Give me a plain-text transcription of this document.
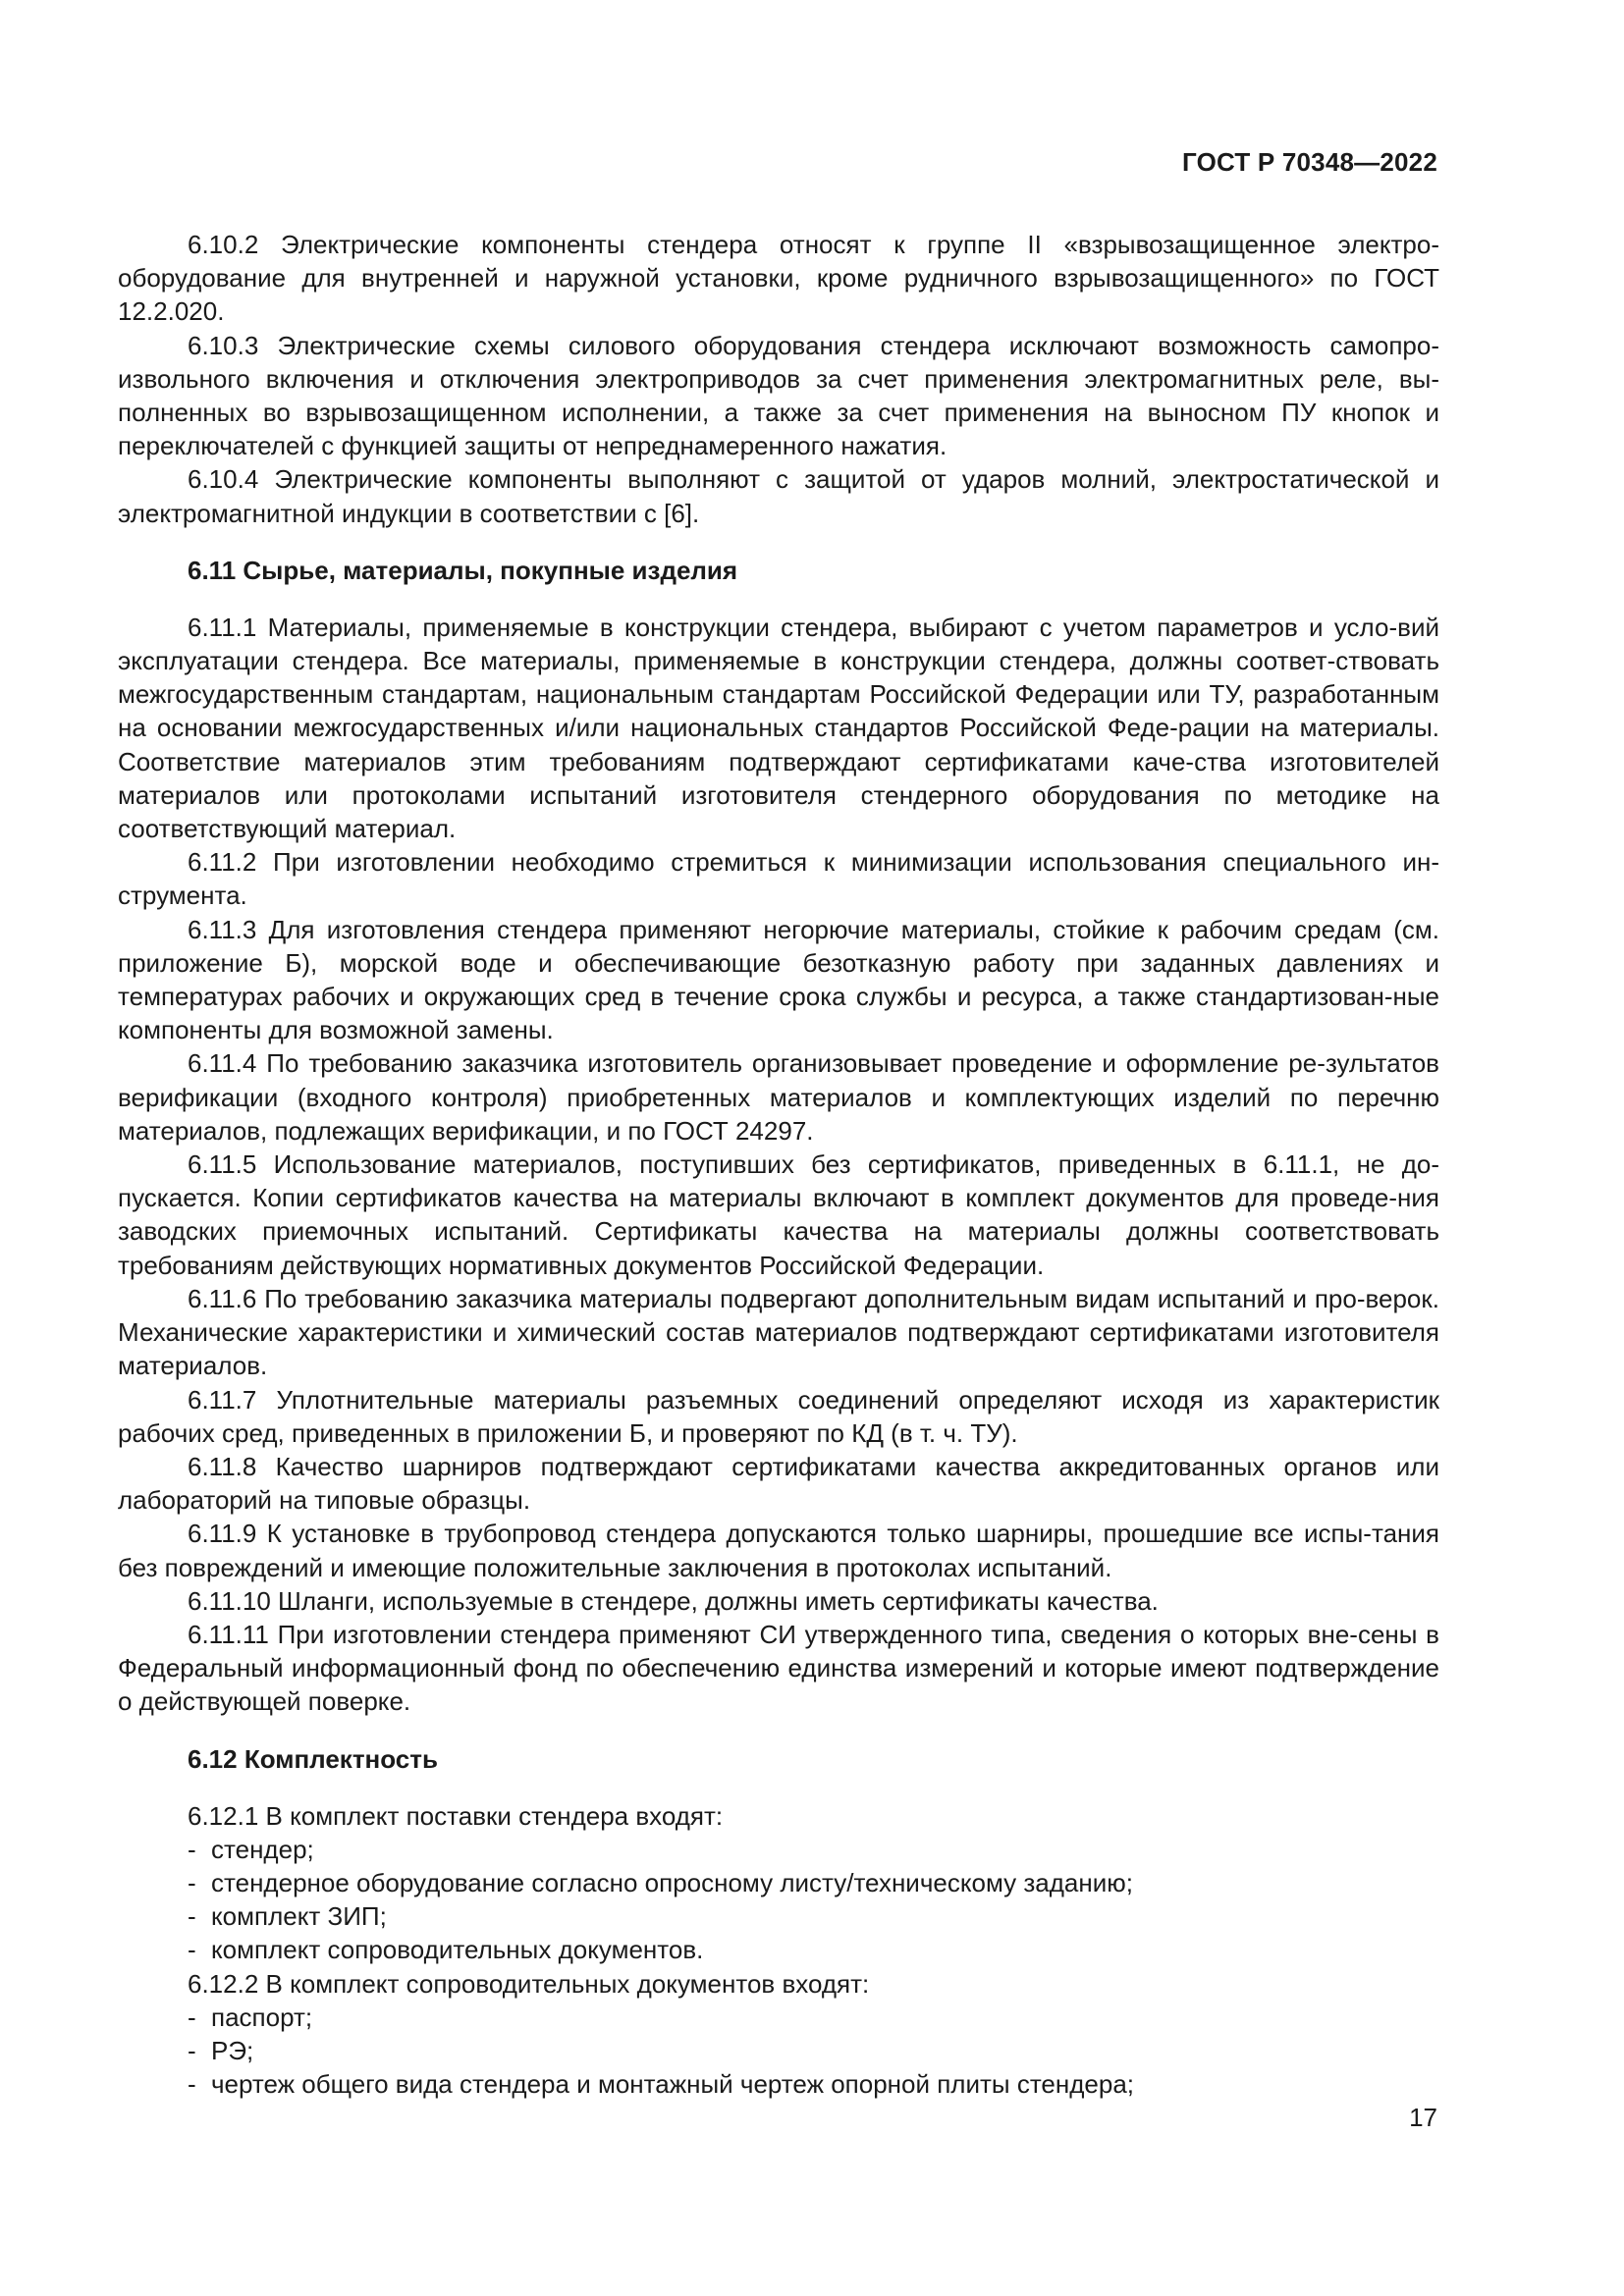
ГОСТ Р 70348—2022

6.10.2 Электрические компоненты стендера относят к группе II «взрывозащищенное электро-оборудование для внутренней и наружной установки, кроме рудничного взрывозащищенного» по ГОСТ 12.2.020.

6.10.3 Электрические схемы силового оборудования стендера исключают возможность самопро-извольного включения и отключения электроприводов за счет применения электромагнитных реле, вы-полненных во взрывозащищенном исполнении, а также за счет применения на выносном ПУ кнопок и переключателей с функцией защиты от непреднамеренного нажатия.

6.10.4 Электрические компоненты выполняют с защитой от ударов молний, электростатической и электромагнитной индукции в соответствии с [6].

6.11 Сырье, материалы, покупные изделия

6.11.1 Материалы, применяемые в конструкции стендера, выбирают с учетом параметров и усло-вий эксплуатации стендера. Все материалы, применяемые в конструкции стендера, должны соответ-ствовать межгосударственным стандартам, национальным стандартам Российской Федерации или ТУ, разработанным на основании межгосударственных и/или национальных стандартов Российской Феде-рации на материалы. Соответствие материалов этим требованиям подтверждают сертификатами каче-ства изготовителей материалов или протоколами испытаний изготовителя стендерного оборудования по методике на соответствующий материал.

6.11.2 При изготовлении необходимо стремиться к минимизации использования специального ин-струмента.

6.11.3 Для изготовления стендера применяют негорючие материалы, стойкие к рабочим средам (см. приложение Б), морской воде и обеспечивающие безотказную работу при заданных давлениях и температурах рабочих и окружающих сред в течение срока службы и ресурса, а также стандартизован-ные компоненты для возможной замены.

6.11.4 По требованию заказчика изготовитель организовывает проведение и оформление ре-зультатов верификации (входного контроля) приобретенных материалов и комплектующих изделий по перечню материалов, подлежащих верификации, и по ГОСТ 24297.

6.11.5 Использование материалов, поступивших без сертификатов, приведенных в 6.11.1, не до-пускается. Копии сертификатов качества на материалы включают в комплект документов для проведе-ния заводских приемочных испытаний. Сертификаты качества на материалы должны соответствовать требованиям действующих нормативных документов Российской Федерации.

6.11.6 По требованию заказчика материалы подвергают дополнительным видам испытаний и про-верок. Механические характеристики и химический состав материалов подтверждают сертификатами изготовителя материалов.

6.11.7 Уплотнительные материалы разъемных соединений определяют исходя из характеристик рабочих сред, приведенных в приложении Б, и проверяют по КД (в т. ч. ТУ).

6.11.8 Качество шарниров подтверждают сертификатами качества аккредитованных органов или лабораторий на типовые образцы.

6.11.9 К установке в трубопровод стендера допускаются только шарниры, прошедшие все испы-тания без повреждений и имеющие положительные заключения в протоколах испытаний.

6.11.10 Шланги, используемые в стендере, должны иметь сертификаты качества.

6.11.11 При изготовлении стендера применяют СИ утвержденного типа, сведения о которых вне-сены в Федеральный информационный фонд по обеспечению единства измерений и которые имеют подтверждение о действующей поверке.

6.12 Комплектность

6.12.1 В комплект поставки стендера входят:

- стендер;
- стендерное оборудование согласно опросному листу/техническому заданию;
- комплект ЗИП;
- комплект сопроводительных документов.

6.12.2 В комплект сопроводительных документов входят:

- паспорт;
- РЭ;
- чертеж общего вида стендера и монтажный чертеж опорной плиты стендера;
17
